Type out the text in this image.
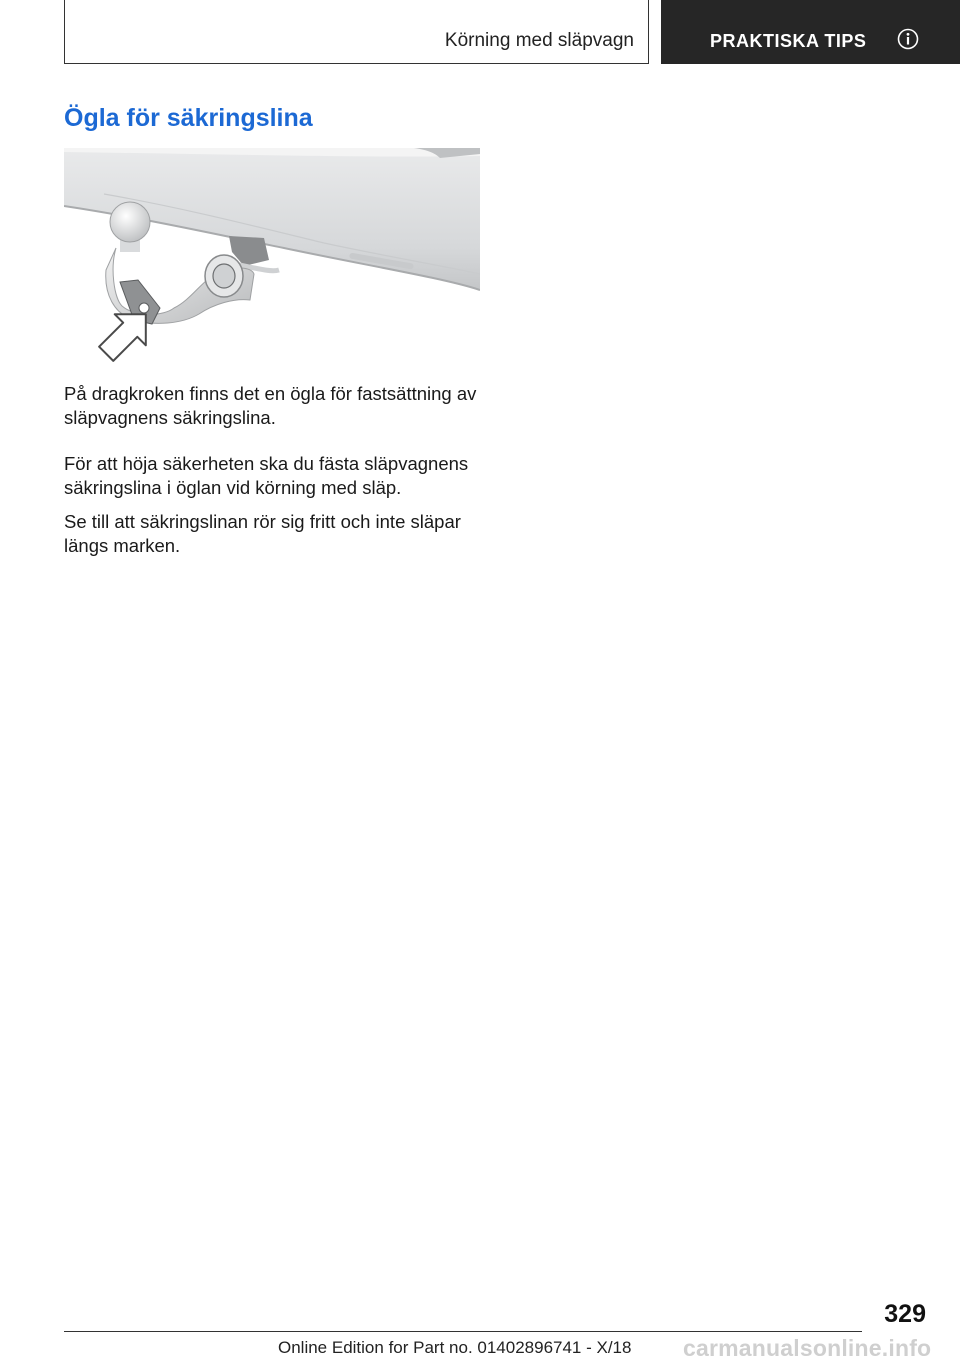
Körning med släpvagn	PRAKTISKA TIPS
Ögla för säkringslina

På dragkroken finns det en ögla för fastsättning av släpvagnens säkringslina.

För att höja säkerheten ska du fästa släpvagnens säkringslina i öglan vid körning med släp.

Se till att säkringslinan rör sig fritt och inte släpar längs marken.

329
Online Edition for Part no. 01402896741 - X/18 carmanualsonline.info
